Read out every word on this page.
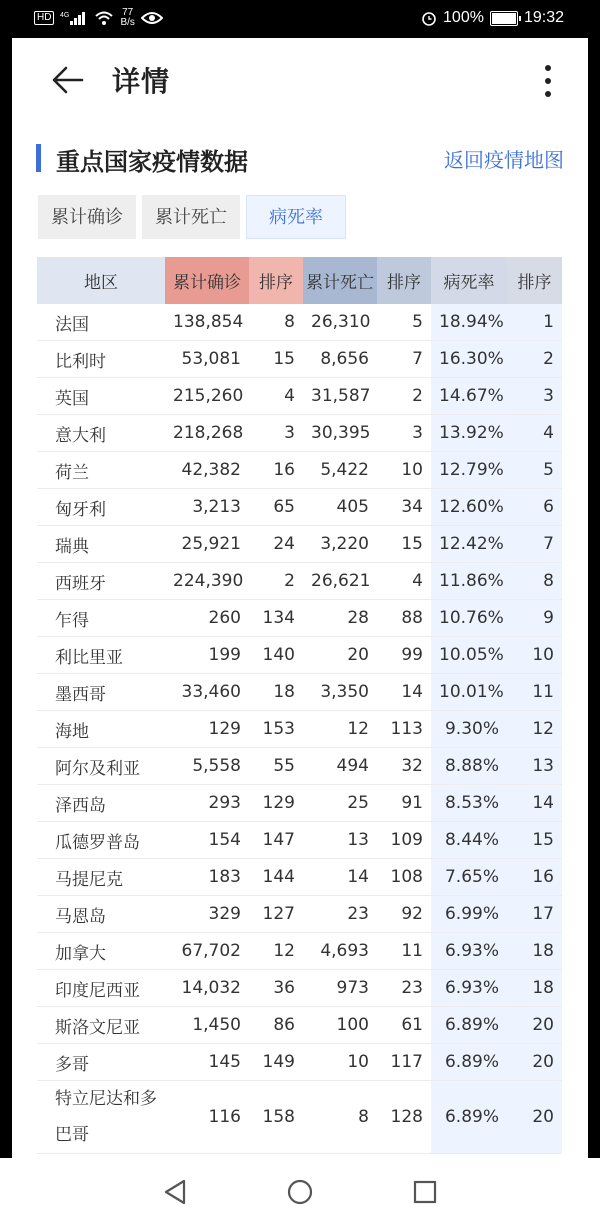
HD	4G	77
B/s	100%	19:32
详情
重点国家疫情数据	返回疫情地图
累计确诊	累计死亡	病死率
地区	累计确诊	排序	累计死亡	排序	病死率	排序
法国	138,854	8	26,310	5	18.94%	1
比利时	53,081	15	8,656	7	16.30%	2
英国	215,260	4	31,587	2	14.67%	3
意大利	218,268	3	30,395	3	13.92%	4
荷兰	42,382	16	5,422	10	12.79%	5
匈牙利	3,213	65	405	34	12.60%	6
瑞典	25,921	24	3,220	15	12.42%	7
西班牙	224,390	2	26,621	4	11.86%	8
乍得	260	134	28	88	10.76%	9
利比里亚	199	140	20	99	10.05%	10
墨西哥	33,460	18	3,350	14	10.01%	11
海地	129	153	12	113	9.30%	12
阿尔及利亚	5,558	55	494	32	8.88%	13
泽西岛	293	129	25	91	8.53%	14
瓜德罗普岛	154	147	13	109	8.44%	15
马提尼克	183	144	14	108	7.65%	16
马恩岛	329	127	23	92	6.99%	17
加拿大	67,702	12	4,693	11	6.93%	18
印度尼西亚	14,032	36	973	23	6.93%	18
斯洛文尼亚	1,450	86	100	61	6.89%	20
多哥	145	149	10	117	6.89%	20
特立尼达和多巴哥	116	158	8	128	6.89%	20
